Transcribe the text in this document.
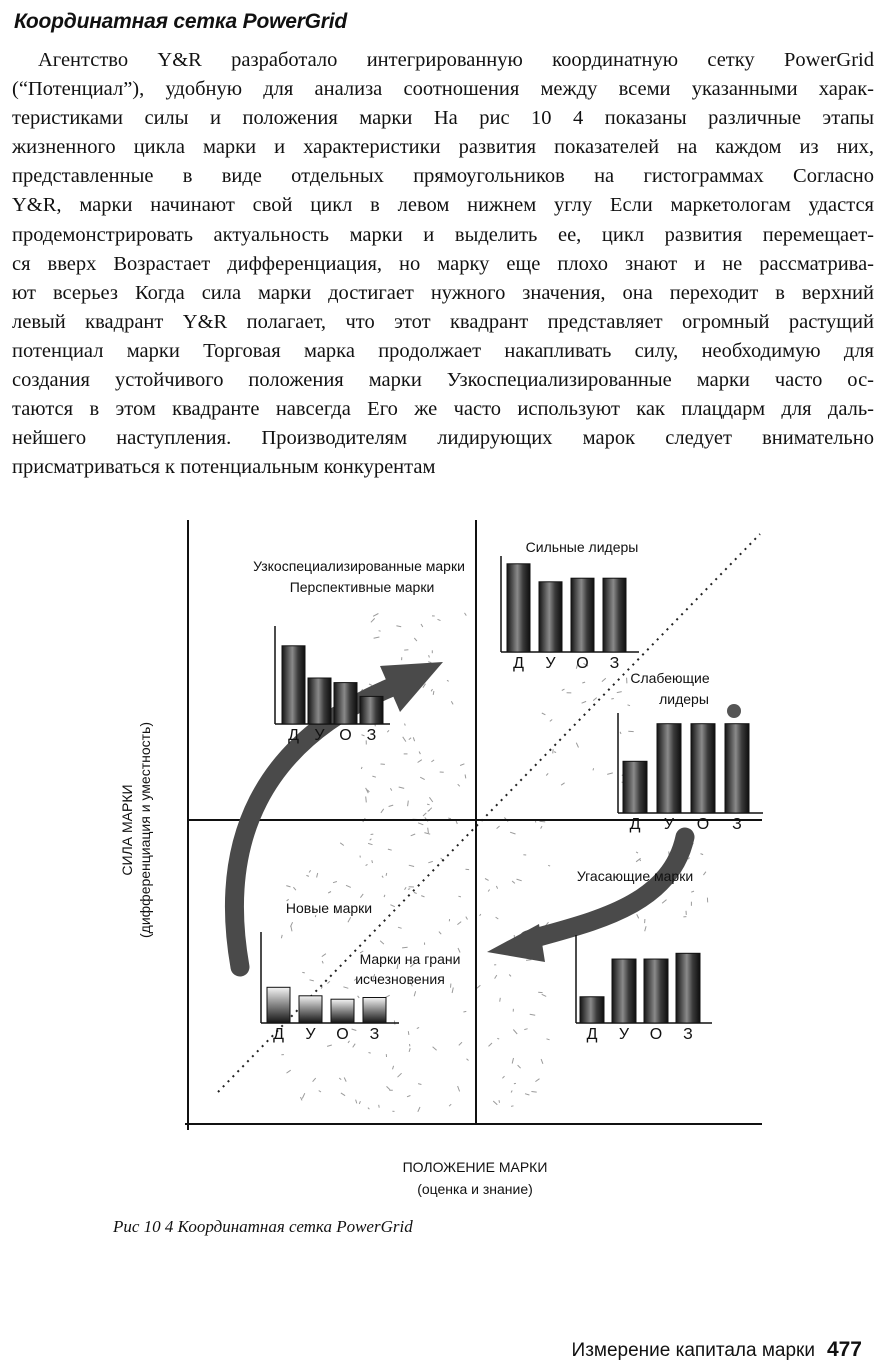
Координатная сетка PowerGrid
Агентство Y&R разработало интегрированную координатную сетку PowerGrid
(“Потенциал”), удобную для анализа соотношения между всеми указанными харак-
теристиками силы и положения марки На рис 10 4 показаны различные этапы
жизненного цикла марки и характеристики развития показателей на каждом из них,
представленные в виде отдельных прямоугольников на гистограммах Согласно
Y&R, марки начинают свой цикл в левом нижнем углу Если маркетологам удастся
продемонстрировать актуальность марки и выделить ее, цикл развития перемещает-
ся вверх Возрастает дифференциация, но марку еще плохо знают и не рассматрива-
ют всерьез Когда сила марки достигает нужного значения, она переходит в верхний
левый квадрант Y&R полагает, что этот квадрант представляет огромный растущий
потенциал марки Торговая марка продолжает накапливать силу, необходимую для
создания устойчивого положения марки Узкоспециализированные марки часто ос-
таются в этом квадранте навсегда Его же часто используют как плацдарм для даль-
нейшего наступления. Производителям лидирующих марок следует внимательно
присматриваться к потенциальным конкурентам
Д У О З
Д У О З
Д У О З
Д У О З	Д У О З
Узкоспециализированные марки
Перспективные марки
Сильные лидеры
Слабеющие
лидеры
Угасающие марки
Новые марки
Марки на грани
исчезновения
СИЛА МАРКИ (дифференциация и уместность)
ПОЛОЖЕНИЕ МАРКИ
(оценка и знание)

Рис 10 4 Координатная сетка PowerGrid

Измерение капитала марки 477
